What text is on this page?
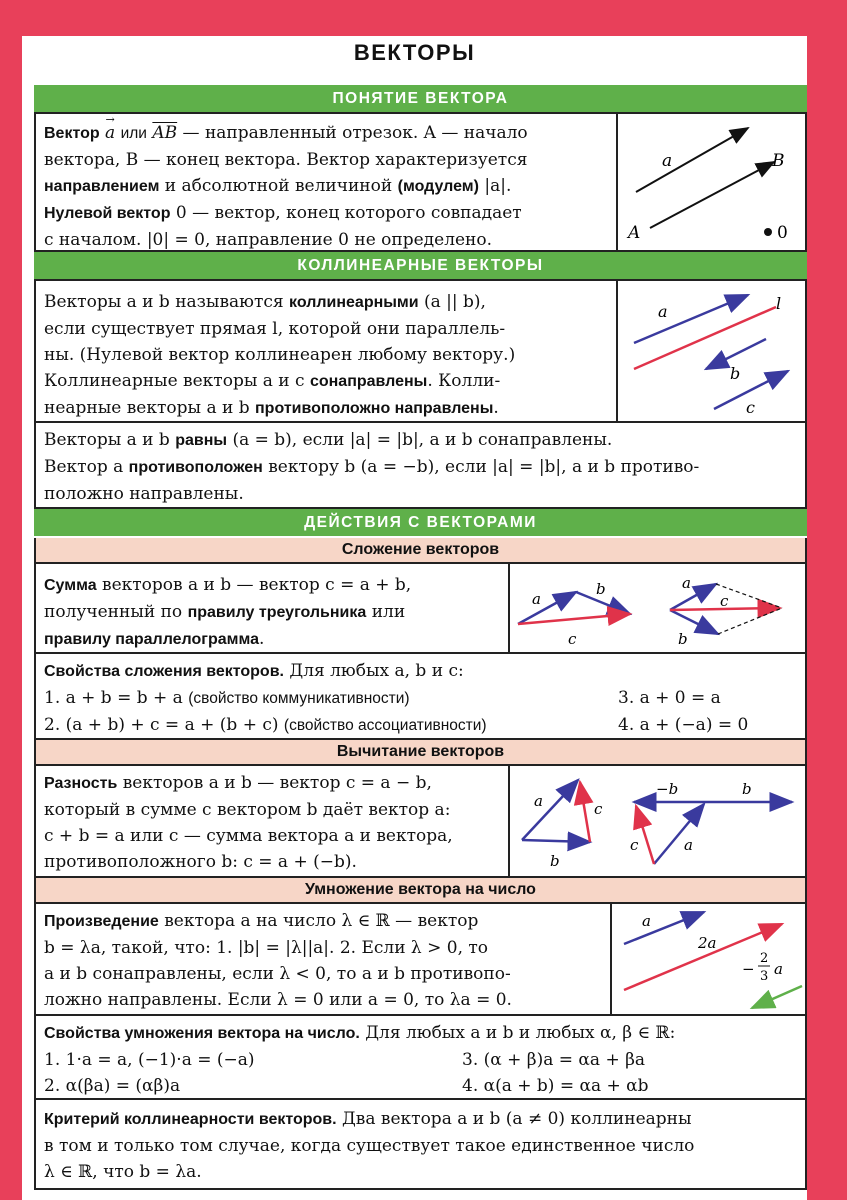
ВЕКТОРЫ
ПОНЯТИЕ ВЕКТОРА
Вектор → a или $\overline{AB}$ — направленный отрезок. A — начало
вектора, B — конец вектора. Вектор характеризуется
направлением и абсолютной величиной (модулем) |a|.
Нулевой вектор 0 — вектор, конец которого совпадает
с началом. |0| = 0, направление 0 не определено.
a
A
B
0
КОЛЛИНЕАРНЫЕ ВЕКТОРЫ
Векторы a и b называются коллинеарными (a || b),
если существует прямая l, которой они параллель-
ны. (Нулевой вектор коллинеарен любому вектору.)
Коллинеарные векторы a и c сонаправлены. Колли-
неарные векторы a и b противоположно направлены.
a	l
b
c
Векторы a и b равны (a = b), если |a| = |b|, a и b сонаправлены.
Вектор a противоположен вектору b (a = −b), если |a| = |b|, a и b противо-
положно направлены.
ДЕЙСТВИЯ С ВЕКТОРАМИ
Сложение векторов
Сумма векторов a и b — вектор c = a + b,
полученный по правилу треугольника или
правилу параллелограмма.
a
b
c
a
c
b
Свойства сложения векторов. Для любых a, b и c:
1. a + b = b + a (свойство коммуникативности)	3. a + 0 = a
2. (a + b) + c = a + (b + c) (свойство ассоциативности)	4. a + (−a) = 0
Вычитание векторов
Разность векторов a и b — вектор c = a − b,
который в сумме с вектором b даёт вектор a:
c + b = a или c — сумма вектора a и вектора,
противоположного b: c = a + (−b).
a	c
b
−b	b
c	a
Умножение вектора на число
Произведение вектора a на число λ ∈ ℝ — вектор
b = λa, такой, что: 1. |b| = |λ||a|. 2. Если λ > 0, то
a и b сонаправлены, если λ < 0, то a и b противопо-
ложно направлены. Если λ = 0 или a = 0, то λa = 0.
a
2a
−
2
3 a
Свойства умножения вектора на число. Для любых a и b и любых α, β ∈ ℝ:
1. 1·a = a, (−1)·a = (−a)	3. (α + β)a = αa + βa
2. α(βa) = (αβ)a	4. α(a + b) = αa + αb
Критерий коллинеарности векторов. Два вектора a и b (a ≠ 0) коллинеарны
в том и только том случае, когда существует такое единственное число
λ ∈ ℝ, что b = λa.
